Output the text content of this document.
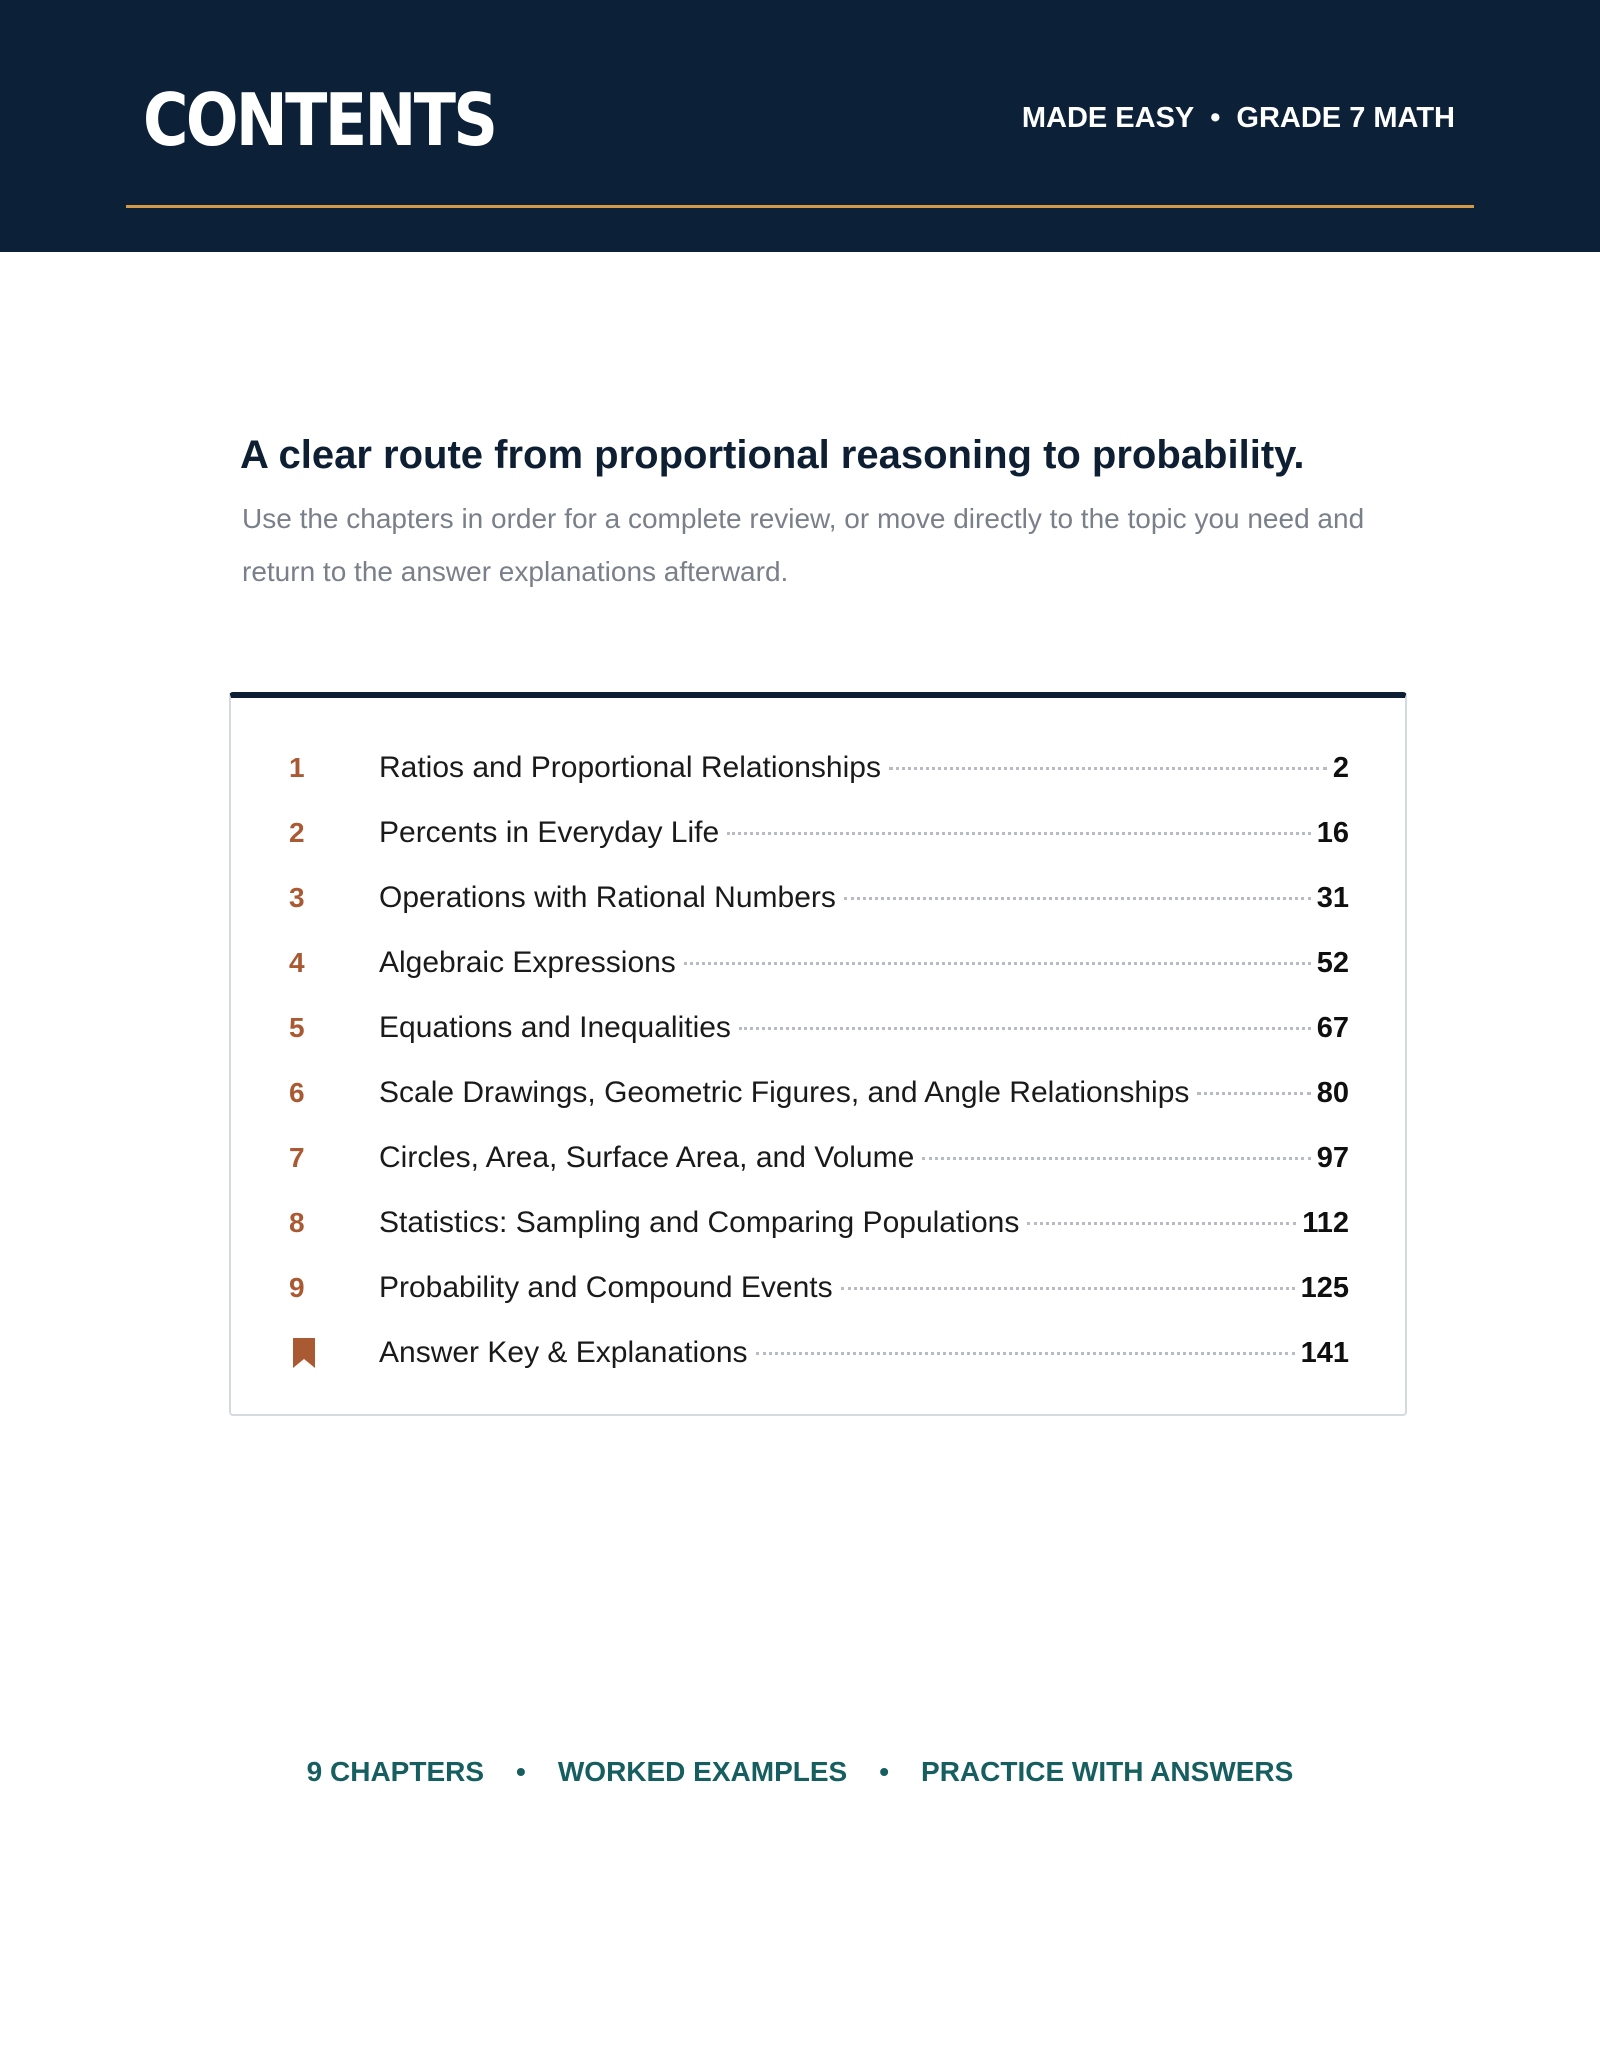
CONTENTS	MADE EASY • GRADE 7 MATH
A clear route from proportional reasoning to probability.

Use the chapters in order for a complete review, or move directly to the topic you need and return to the answer explanations afterward.

1	Ratios and Proportional Relationships	2
2	Percents in Everyday Life	16
3	Operations with Rational Numbers	31
4	Algebraic Expressions	52
5	Equations and Inequalities	67
6	Scale Drawings, Geometric Figures, and Angle Relationships	80
7	Circles, Area, Surface Area, and Volume	97
8	Statistics: Sampling and Comparing Populations	112
9	Probability and Compound Events	125
Answer Key & Explanations	141
9 CHAPTERS • WORKED EXAMPLES • PRACTICE WITH ANSWERS
